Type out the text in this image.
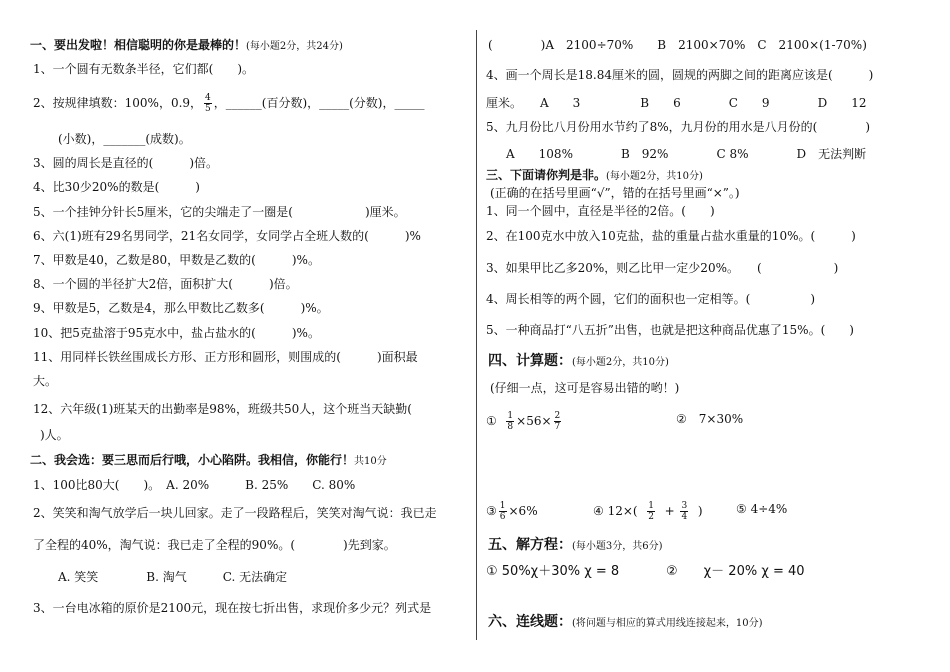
一、要出发啦！相信聪明的你是最棒的！(每小题2分，共24分)
1、一个圆有无数条半径，它们都(　　)。
2、按规律填数：100%，0.9， $\frac{4}{5}$ ，______(百分数)，_____(分数)，_____
(小数)，_______(成数)。
3、圆的周长是直径的(　　　)倍。
4、比30少20%的数是(　　　)
5、一个挂钟分针长5厘米，它的尖端走了一圈是(　　　　　　)厘米。
6、六(1)班有29名男同学，21名女同学，女同学占全班人数的(　　　)%
7、甲数是40，乙数是80，甲数是乙数的(　　　)%。
8、一个圆的半径扩大2倍，面积扩大(　　　)倍。
9、甲数是5，乙数是4，那么甲数比乙数多(　　　)%。
10、把5克盐溶于95克水中，盐占盐水的(　　　)%。
11、用同样长铁丝围成长方形、正方形和圆形，则围成的(　　　)面积最
大。
12、六年级(1)班某天的出勤率是98%，班级共50人，这个班当天缺勤(
)人。
二、我会选：要三思而后行哦，小心陷阱。我相信，你能行！共10分
1、100比80大(　　)。　A. 20%　　　B. 25%　　C. 80%
2、笑笑和淘气放学后一块儿回家。走了一段路程后，笑笑对淘气说：我已走
了全程的40%，淘气说：我已走了全程的90%。(　　　　)先到家。
A. 笑笑　　　　B. 淘气　　　C. 无法确定
3、一台电冰箱的原价是2100元，现在按七折出售，求现价多少元？列式是
(　　　　)A　2100÷70%　　B　2100×70%　C　2100×(1-70%)
4、画一个周长是18.84厘米的圆，圆规的两脚之间的距离应该是(　　　)
厘米。　　A　　3　　　　　B　　6　　　　C　　9　　　　D　　12
5、九月份比八月份用水节约了8%，九月份的用水是八月份的(　　　　)
A　　108%　　　　B　92%　　　　C 8%　　　　D　无法判断
三、下面请你判是非。(每小题2分，共10分)
(正确的在括号里画“√”，错的在括号里画“×”。)
1、同一个圆中，直径是半径的2倍。(　　)
2、在100克水中放入10克盐，盐的重量占盐水重量的10%。(　　　)
3、如果甲比乙多20%，则乙比甲一定少20%。　　(　　　　　　)
4、周长相等的两个圆，它们的面积也一定相等。(　　　　　)
5、一种商品打“八五折”出售，也就是把这种商品优惠了15%。(　　)
四、计算题：(每小题2分，共10分)
(仔细一点，这可是容易出错的哟！)
① $\frac{1}{8} \times 56\times \frac{2}{7}$	②　7×30%
③ $\frac{1}{6} \times 6\%$	④ $12\times( \frac{1}{2} + \frac{3}{4}$ )	⑤ 4÷4%
五、解方程：(每小题3分，共6分)
① 50%χ＋30% χ = 8	②　　χ－ 20% χ = 40
六、连线题：(将问题与相应的算式用线连接起来，10分)
